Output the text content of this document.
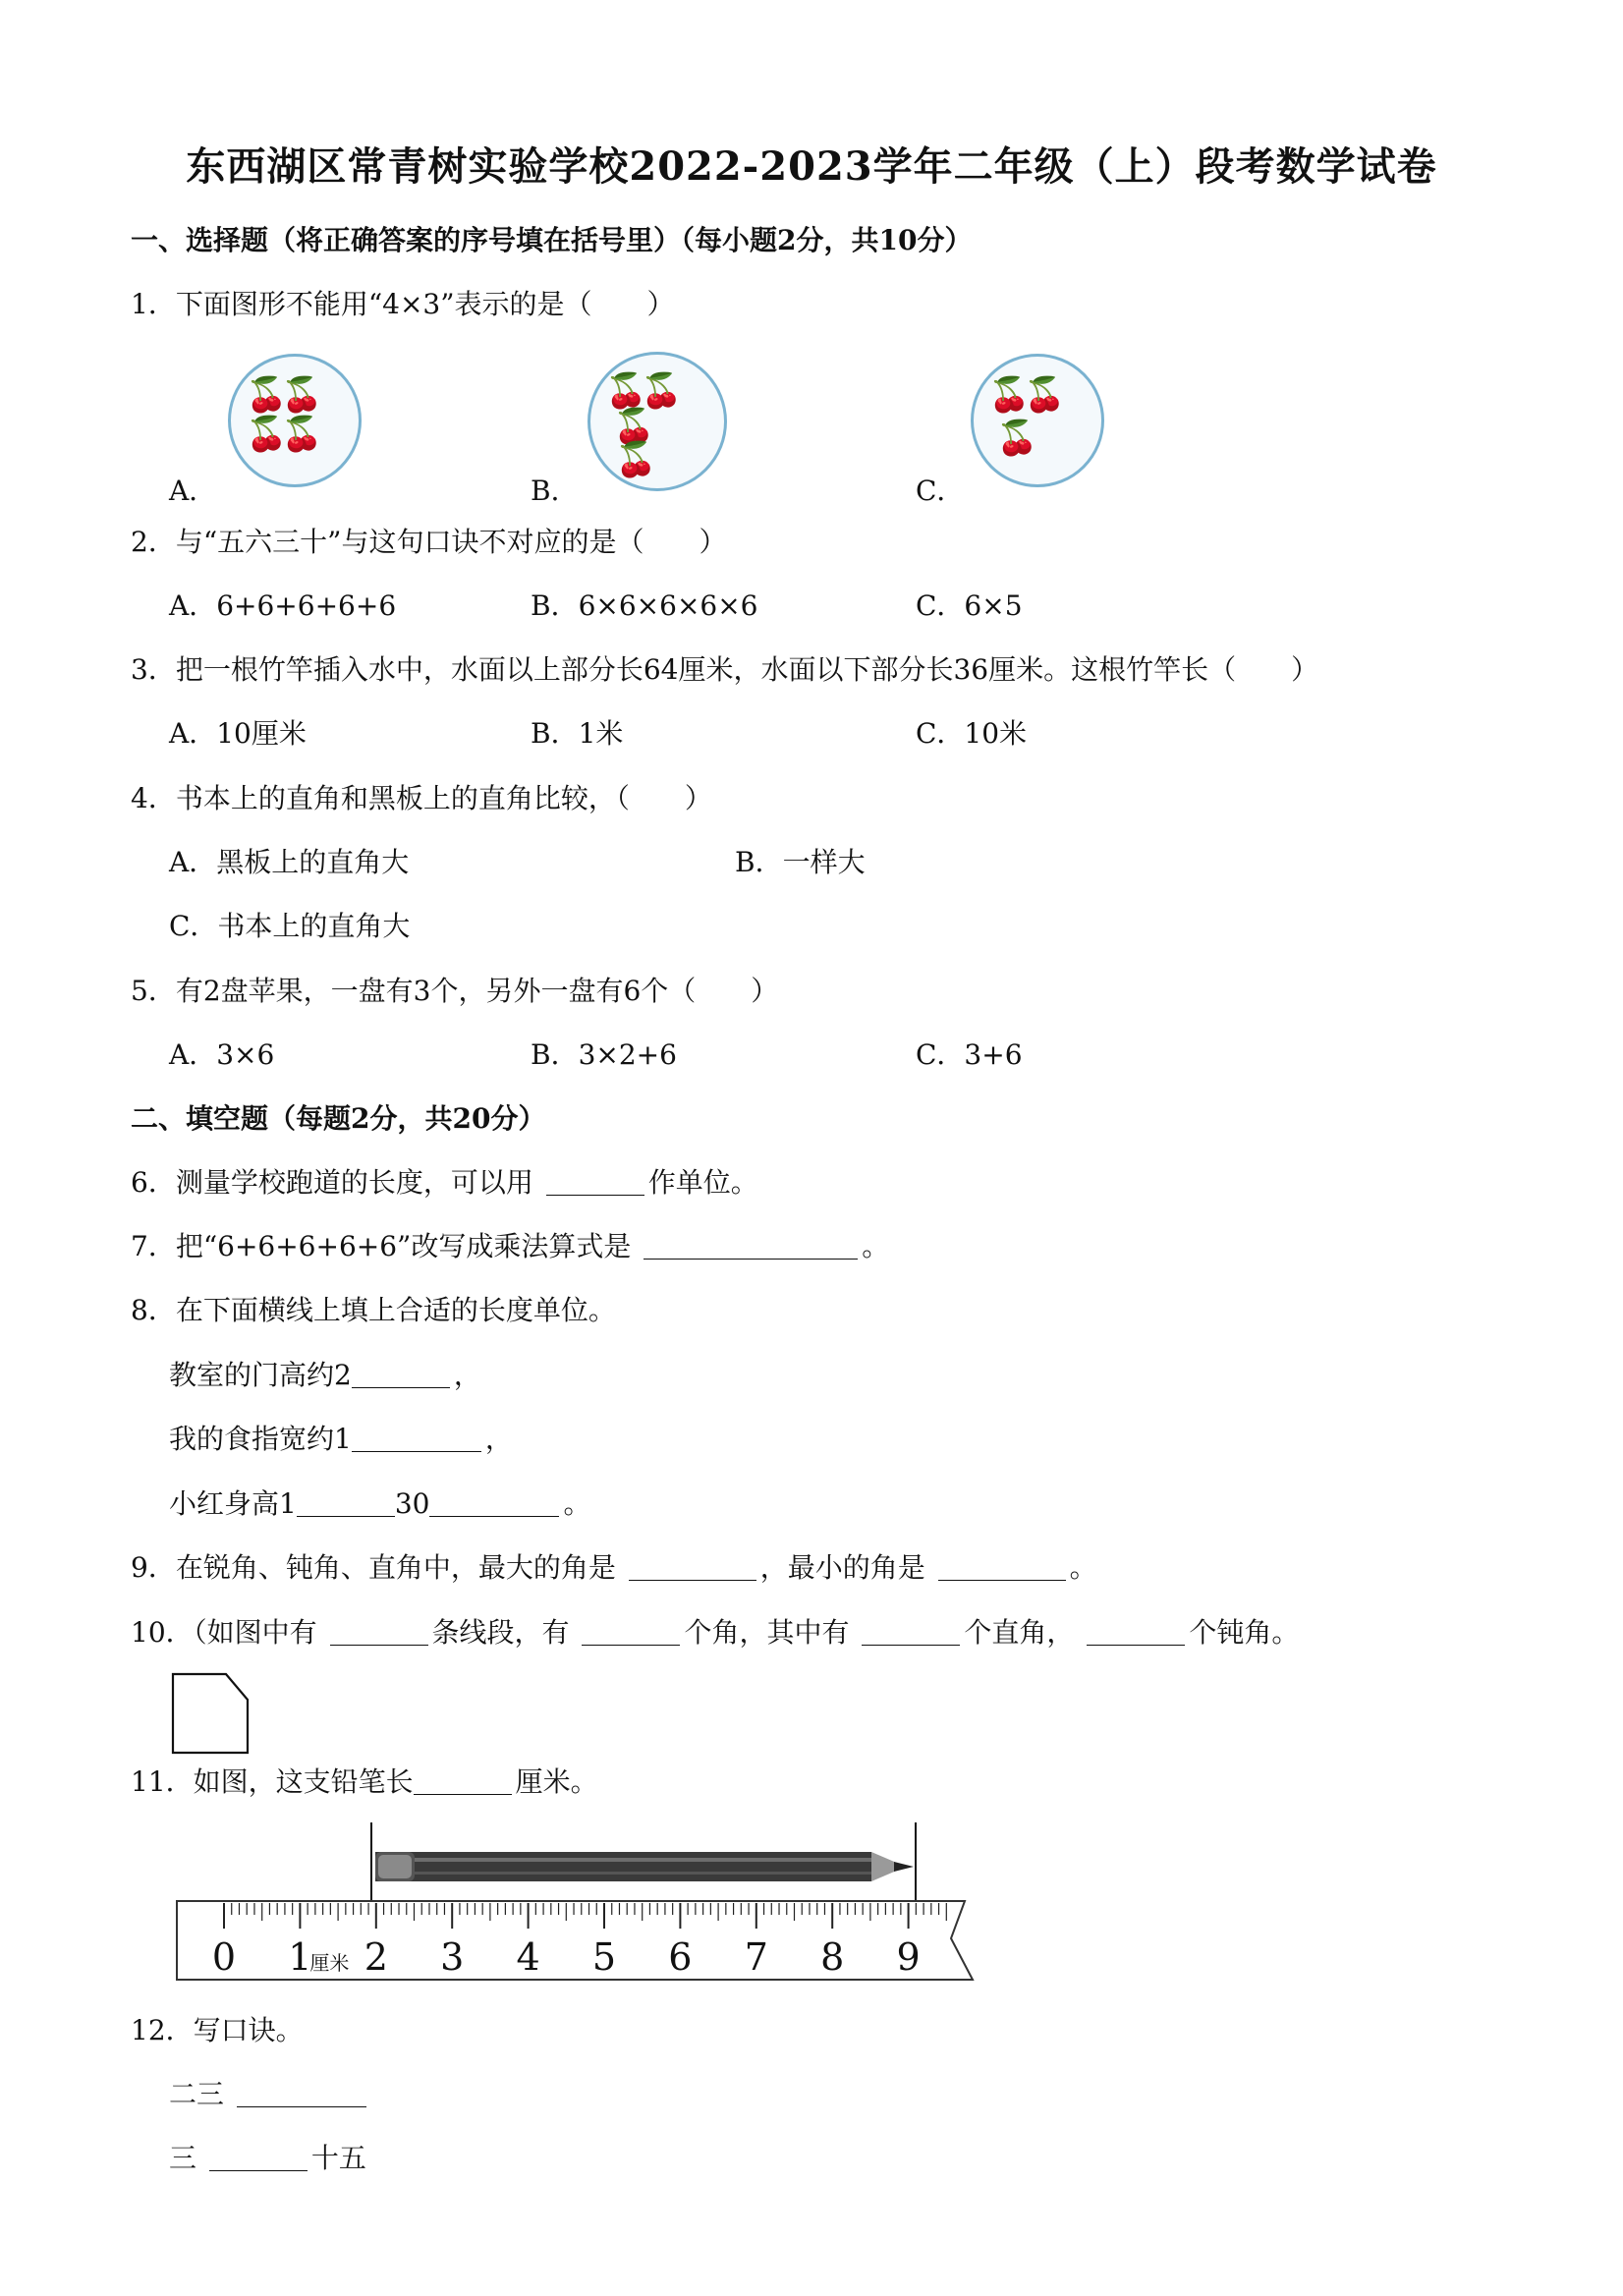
东西湖区常青树实验学校2022-2023学年二年级（上）段考数学试卷
一、选择题（将正确答案的序号填在括号里）（每小题2分，共10分）
1．下面图形不能用“4×3”表示的是（　　）
🍒🍒
🍒🍒
A．
🍒🍒
🍒
🍒
B．
🍒🍒
🍒
C．
2．与“五六三十”与这句口诀不对应的是（　　）
A．6+6+6+6+6	B．6×6×6×6×6	C．6×5
3．把一根竹竿插入水中，水面以上部分长64厘米，水面以下部分长36厘米。这根竹竿长（　　）
A．10厘米	B．1米	C．10米
4．书本上的直角和黑板上的直角比较，（　　）
A．黑板上的直角大	B．一样大
C．书本上的直角大
5．有2盘苹果，一盘有3个，另外一盘有6个（　　）
A．3×6	B．3×2+6	C．3+6
二、填空题（每题2分，共20分）
6．测量学校跑道的长度，可以用	作单位。
7．把“6+6+6+6+6”改写成乘法算式是	。
8．在下面横线上填上合适的长度单位。
教室的门高约2	，
我的食指宽约1	，
小红身高1	30	。
9．在锐角、钝角、直角中，最大的角是	，最小的角是	。
10．（如图中有	条线段，有	个角，其中有	个直角，	个钝角。
11．如图，这支铅笔长	厘米。
0 1 2 3 4 5 6 7 8 9
厘米
12．写口诀。
二三
三	十五
